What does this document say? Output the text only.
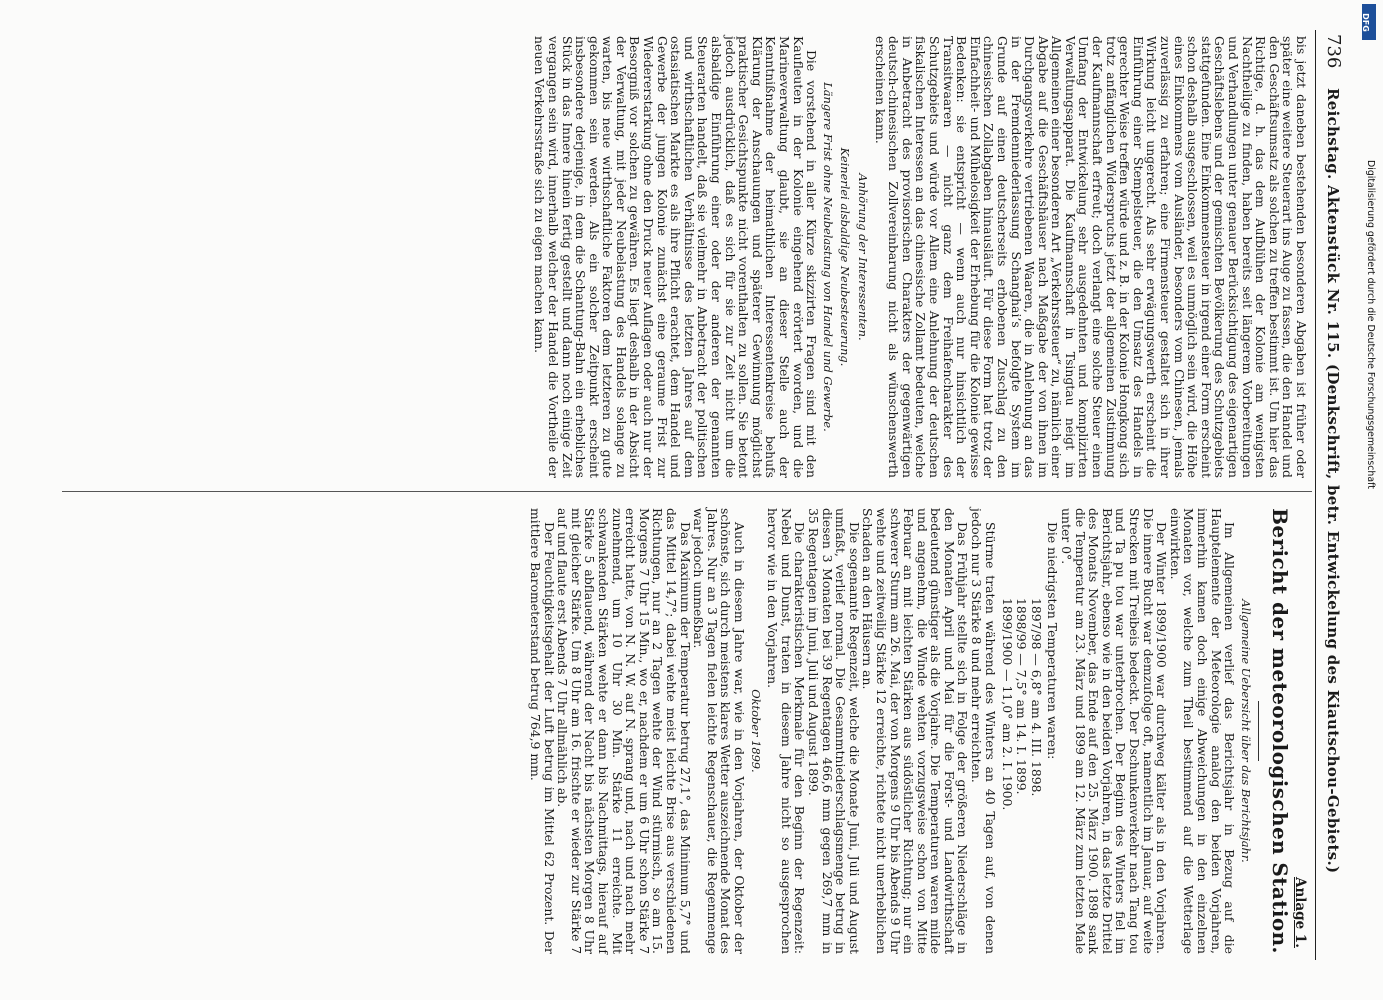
DFG
Digitalisierung gefördert durch die Deutsche Forschungsgemeinschaft
736
Reichstag. Aktenstück Nr. 115. (Denkschrift, betr. Entwickelung des Kiautschou-Gebiets.)

bis jetzt daneben bestehenden besonderen Abgaben ist früher oder später eine weitere Steuerart ins Auge zu fassen, die den Handel und den Geschäftsumsatz als solchen zu treffen bestimmt ist. Um hier das Richtige, d. h. das dem Aufblühen der Kolonie am wenigsten Nachtheilige zu finden, haben bereits seit längerem Vorbereitungen und Verhandlungen unter genauer Berücksichtigung des eigenartigen Geschäftslebens und der gemischten Bevölkerung des Schutzgebiets stattgefunden. Eine Einkommensteuer in irgend einer Form erscheint schon deshalb ausgeschlossen, weil es unmöglich sein wird, die Höhe eines Einkommens vom Ausländer, besonders vom Chinesen, jemals zuverlässig zu erfahren; eine Firmensteuer gestaltet sich in ihrer Wirkung leicht ungerecht. Als sehr erwägungswerth erscheint die Einführung einer Stempelsteuer, die den Umsatz des Handels in gerechter Weise treffen würde und z. B. in der Kolonie Hongkong sich trotz anfänglichen Widerspruchs jetzt der allgemeinen Zustimmung der Kaufmannschaft erfreut; doch verlangt eine solche Steuer einen Umfang der Entwickelung sehr ausgedehnten und komplizirten Verwaltungsapparat. Die Kaufmannschaft in Tsingtau neigt im Allgemeinen einer besonderen Art „Verkehrssteuer“ zu, nämlich einer Abgabe auf die Geschäftshäuser nach Maßgabe der von ihnen im Durchgangsverkehre vertriebenen Waaren, die in Anlehnung an das in der Fremdenniederlassung Schanghai’s befolgte System im Grunde auf einen deutscherseits erhobenen Zuschlag zu den chinesischen Zollabgaben hinausläuft. Für diese Form hat trotz der Einfachheit- und Mühelosigkeit der Erhebung für die Kolonie gewisse Bedenken: sie entspricht — wenn auch nur hinsichtlich der Transitwaaren — nicht ganz dem Freihafencharakter des Schutzgebiets und würde vor Allem eine Anlehnung der deutschen fiskalischen Interessen an das chinesische Zollamt bedeuten, welche in Anbetracht des provisorischen Charakters der gegenwärtigen deutsch-chinesischen Zollvereinbarung nicht als wünschenswerth erscheinen kann.

Anhörung der Interessenten.
Keinerlei alsbaldige Neubesteuerung.
Längere Frist ohne Neubelastung von Handel und Gewerbe.

Die vorstehend in aller Kürze skizzirten Fragen sind mit den Kaufleuten in der Kolonie eingehend erörtert worden, und die Marineverwaltung glaubt, sie an dieser Stelle auch der Kenntnißnahme der heimathlichen Interessentenkreise behufs Klärung der Anschauungen und späterer Gewinnung möglichst praktischer Gesichtspunkte nicht vorenthalten zu sollen. Sie betont jedoch ausdrücklich, daß es sich für sie zur Zeit nicht um die alsbaldige Einführung einer oder der anderen der genannten Steuerarten handelt, daß sie vielmehr in Anbetracht der politischen und wirthschaftlichen Verhältnisse des letzten Jahres auf dem ostasiatischen Markte es als ihre Pflicht erachtet, dem Handel und Gewerbe der jungen Kolonie zunächst eine geraume Frist zur Wiedererstarkung ohne den Druck neuer Auflagen oder auch nur der Besorgniß vor solchen zu gewähren. Es liegt deshalb in der Absicht der Verwaltung, mit jeder Neubelastung des Handels solange zu warten, bis neue wirthschaftliche Faktoren dem letzteren zu gute gekommen sein werden. Als ein solcher Zeitpunkt erscheint insbesondere derjenige, in dem die Schantung-Bahn ein erhebliches Stück in das Innere hinein fertig gestellt und dann noch einige Zeit vergangen sein wird, innerhalb welcher der Handel die Vortheile der neuen Verkehrsstraße sich zu eigen machen kann.

Anlage 1.
Bericht der meteorologischen Station.
Allgemeine Uebersicht über das Berichtsjahr.

Im Allgemeinen verlief das Berichtsjahr in Bezug auf die Hauptelemente der Meteorologie analog den beiden Vorjahren, immerhin kamen doch einige Abweichungen in den einzelnen Monaten vor, welche zum Theil bestimmend auf die Wetterlage einwirkten.

Der Winter 1899/1900 war durchweg kälter als in den Vorjahren. Die innere Bucht war demzufolge oft, namentlich im Januar, auf weite Strecken mit Treibeis bedeckt. Der Dschunkenverkehr nach Tang tou und Ta pu tou war unterbrochen. Der Beginn des Winters fiel im Berichtsjahr, ebenso wie in den beiden Vorjahren, in das letzte Drittel des Monats November, das Ende auf den 25. März 1900. 1898 sank die Temperatur am 23. März und 1899 am 12. März zum letzten Male unter 0°.

Die niedrigsten Temperaturen waren:

1897/98 — 6,8° am 4. III. 1898.
1898/99 — 7,5° am 14. I. 1899.
1899/1900 — 11,0° am 2. I. 1900.

Stürme traten während des Winters an 40 Tagen auf, von denen jedoch nur 3 Stärke 8 und mehr erreichten.

Das Frühjahr stellte sich in Folge der größeren Niederschläge in den Monaten April und Mai für die Forst- und Landwirthschaft bedeutend günstiger als die Vorjahre. Die Temperaturen waren milde und angenehm, die Winde wehten vorzugsweise schon von Mitte Februar an mit leichten Stärken aus südöstlicher Richtung; nur ein schwerer Sturm am 26. Mai, der von Morgens 9 Uhr bis Abends 9 Uhr wehte und zeitweilig Stärke 12 erreichte, richtete nicht unerheblichen Schaden an den Häusern an.

Die sogenannte Regenzeit, welche die Monate Juni, Juli und August umfaßt, verlief normal. Die Gesammtniederschlagsmenge betrug in diesen 3 Monaten bei 39 Regentagen 466,6 mm gegen 269,7 mm in 35 Regentagen im Juni, Juli und August 1899.

Die charakteristischen Merkmale für den Beginn der Regenzeit: Nebel und Dunst, traten in diesem Jahre nicht so ausgesprochen hervor wie in den Vorjahren.

Oktober 1899.

Auch in diesem Jahre war, wie in den Vorjahren, der Oktober der schönste, sich durch meistens klares Wetter auszeichnende Monat des Jahres. Nur an 3 Tagen fielen leichte Regenschauer, die Regenmenge war jedoch unmeßbar.

Das Maximum der Temperatur betrug 27,1°, das Minimum 5,7° und das Mittel 14,7°; dabei wehte meist leichte Brise aus verschiedenen Richtungen, nur an 2 Tagen wehte der Wind stürmisch, so am 15. Morgens 7 Uhr 15 Min., wo er, nachdem er um 6 Uhr schon Stärke 7 erreicht hatte, von N. N. W. auf N. sprang und, nach und nach mehr zunehmend, um 10 Uhr 30 Min. Stärke 11 erreichte. Mit schwankenden Stärken wehte er dann bis Nachmittags, hierauf auf Stärke 5 abflauend, während der Nacht bis nächsten Morgen 8 Uhr mit gleicher Stärke. Um 8 Uhr am 16. frischte er wieder zur Stärke 7 auf und flaute erst Abends 7 Uhr allmählich ab.

Der Feuchtigkeitsgehalt der Luft betrug im Mittel 62 Prozent. Der mittlere Barometerstand betrug 764,9 mm.
